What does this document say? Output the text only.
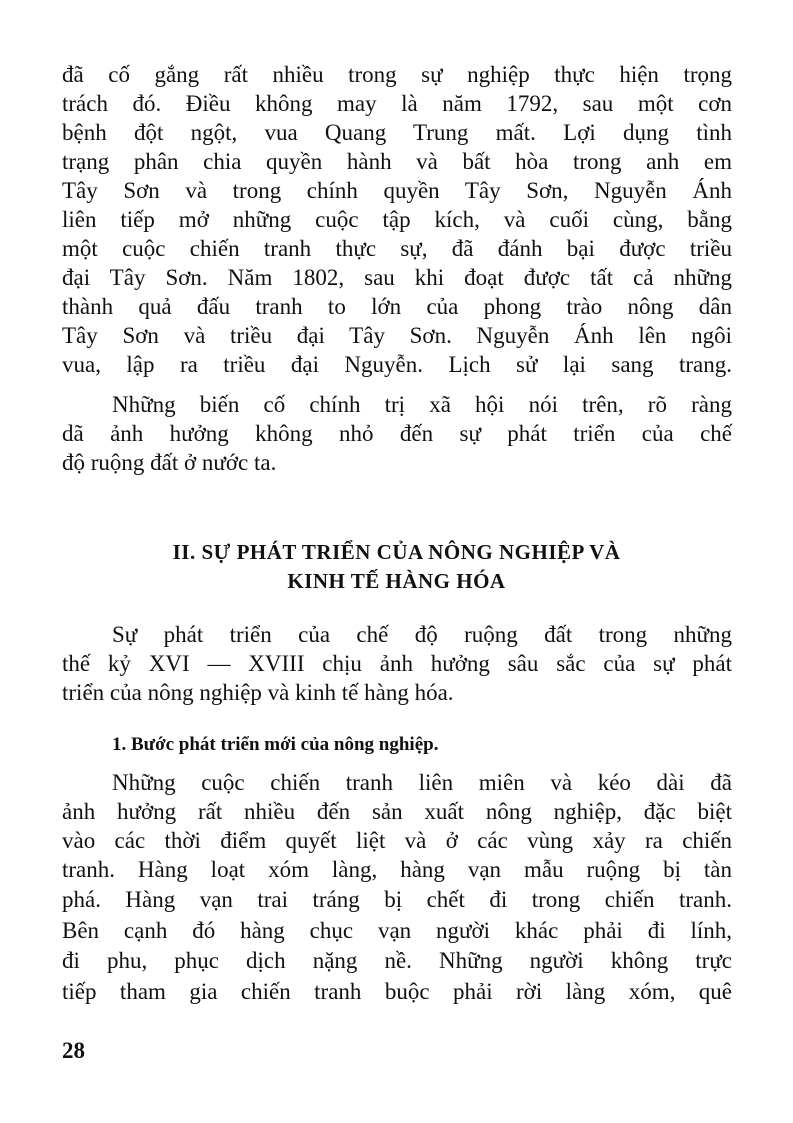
đã cố gắng rất nhiều trong sự nghiệp thực hiện trọng
trách đó. Điều không may là năm 1792, sau một cơn
bệnh đột ngột, vua Quang Trung mất. Lợi dụng tình
trạng phân chia quyền hành và bất hòa trong anh em
Tây Sơn và trong chính quyền Tây Sơn, Nguyễn Ánh
liên tiếp mở những cuộc tập kích, và cuối cùng, bằng
một cuộc chiến tranh thực sự, đã đánh bại được triều
đại Tây Sơn. Năm 1802, sau khi đoạt được tất cả những
thành quả đấu tranh to lớn của phong trào nông dân
Tây Sơn và triều đại Tây Sơn. Nguyễn Ánh lên ngôi
vua, lập ra triều đại Nguyễn. Lịch sử lại sang trang.
Những biến cố chính trị xã hội nói trên, rõ ràng
dã ảnh hưởng không nhỏ đến sự phát triển của chế
độ ruộng đất ở nước ta.
II. SỰ PHÁT TRIỂN CỦA NÔNG NGHIỆP VÀ
KINH TẾ HÀNG HÓA
Sự phát triển của chế độ ruộng đất trong những
thế kỷ XVI — XVIII chịu ảnh hưởng sâu sắc của sự phát
triển của nông nghiệp và kinh tế hàng hóa.
1. Bước phát triển mới của nông nghiệp.
Những cuộc chiến tranh liên miên và kéo dài đã
ảnh hưởng rất nhiều đến sản xuất nông nghiệp, đặc biệt
vào các thời điểm quyết liệt và ở các vùng xảy ra chiến
tranh. Hàng loạt xóm làng, hàng vạn mẫu ruộng bị tàn
phá. Hàng vạn trai tráng bị chết đi trong chiến tranh.
Bên cạnh đó hàng chục vạn người khác phải đi lính,
đi phu, phục dịch nặng nề. Những người không trực
tiếp tham gia chiến tranh buộc phải rời làng xóm, quê
28
